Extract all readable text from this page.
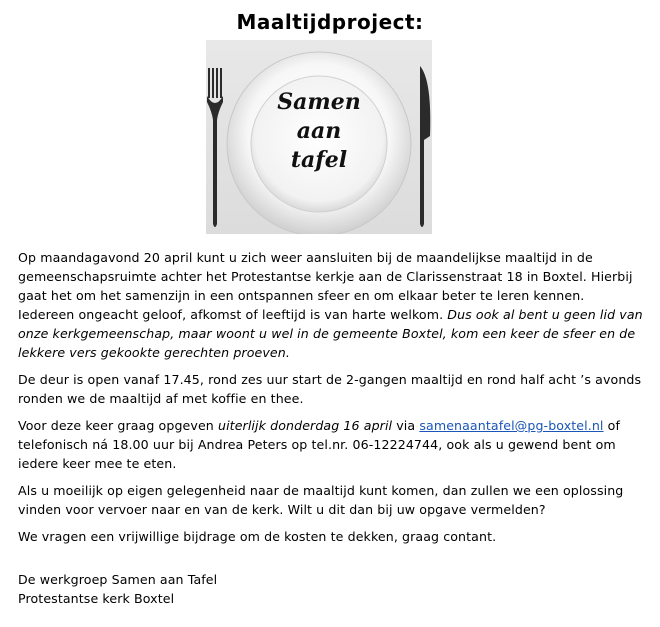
Maaltijdproject:
Samen
aan
tafel

Op maandagavond 20 april kunt u zich weer aansluiten bij de maandelijkse maaltijd in de gemeenschapsruimte achter het Protestantse kerkje aan de Clarissenstraat 18 in Boxtel. Hierbij gaat het om het samenzijn in een ontspannen sfeer en om elkaar beter te leren kennen. Iedereen ongeacht geloof, afkomst of leeftijd is van harte welkom. Dus ook al bent u geen lid van onze kerkgemeenschap, maar woont u wel in de gemeente Boxtel, kom een keer de sfeer en de lekkere vers gekookte gerechten proeven.

De deur is open vanaf 17.45, rond zes uur start de 2-gangen maaltijd en rond half acht ’s avonds ronden we de maaltijd af met koffie en thee.

Voor deze keer graag opgeven uiterlijk donderdag 16 april via samenaantafel@pg-boxtel.nl of telefonisch ná 18.00 uur bij Andrea Peters op tel.nr. 06-12224744, ook als u gewend bent om iedere keer mee te eten.

Als u moeilijk op eigen gelegenheid naar de maaltijd kunt komen, dan zullen we een oplossing vinden voor vervoer naar en van de kerk. Wilt u dit dan bij uw opgave vermelden?

We vragen een vrijwillige bijdrage om de kosten te dekken, graag contant.

De werkgroep Samen aan Tafel
Protestantse kerk Boxtel
